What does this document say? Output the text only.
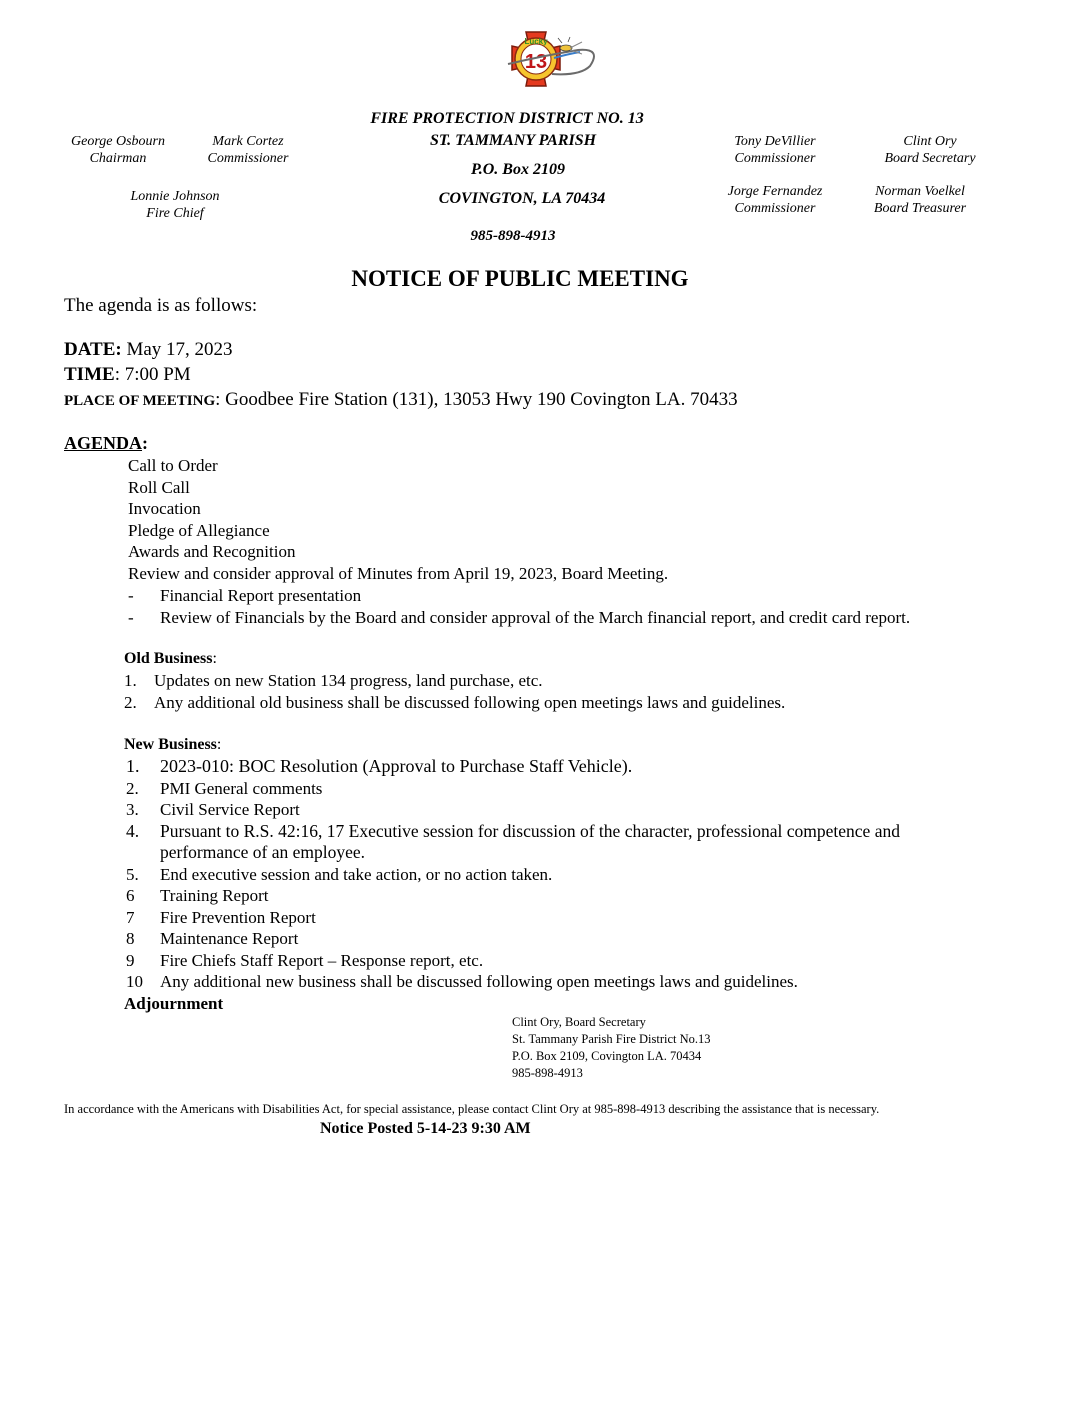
13
Lucky
FIRE PROTECTION DISTRICT NO. 13
ST. TAMMANY PARISH
P.O. Box 2109
COVINGTON, LA 70434
985-898-4913
George Osbourn
Chairman
Mark Cortez
Commissioner
Lonnie Johnson
Fire Chief
Tony DeVillier
Commissioner
Clint Ory
Board Secretary
Jorge Fernandez
Commissioner
Norman Voelkel
Board Treasurer
NOTICE OF PUBLIC MEETING
The agenda is as follows:
DATE: May 17, 2023
TIME: 7:00 PM
PLACE OF MEETING: Goodbee Fire Station (131), 13053 Hwy 190 Covington LA. 70433
AGENDA:
Call to Order
Roll Call
Invocation
Pledge of Allegiance
Awards and Recognition
Review and consider approval of Minutes from April 19, 2023, Board Meeting.
- Financial Report presentation
- Review of Financials by the Board and consider approval of the March financial report, and credit card report.
Old Business:
1. Updates on new Station 134 progress, land purchase, etc.
2. Any additional old business shall be discussed following open meetings laws and guidelines.
New Business:
1. 2023-010: BOC Resolution (Approval to Purchase Staff Vehicle).
2. PMI General comments
3. Civil Service Report
4. Pursuant to R.S. 42:16, 17 Executive session for discussion of the character, professional competence and
performance of an employee.
5. End executive session and take action, or no action taken.
6 Training Report
7 Fire Prevention Report
8 Maintenance Report
9 Fire Chiefs Staff Report – Response report, etc.
10 Any additional new business shall be discussed following open meetings laws and guidelines.
Adjournment
Clint Ory, Board Secretary
St. Tammany Parish Fire District No.13
P.O. Box 2109, Covington LA. 70434
985-898-4913
In accordance with the Americans with Disabilities Act, for special assistance, please contact Clint Ory at 985-898-4913 describing the assistance that is necessary.
Notice Posted 5-14-23 9:30 AM
